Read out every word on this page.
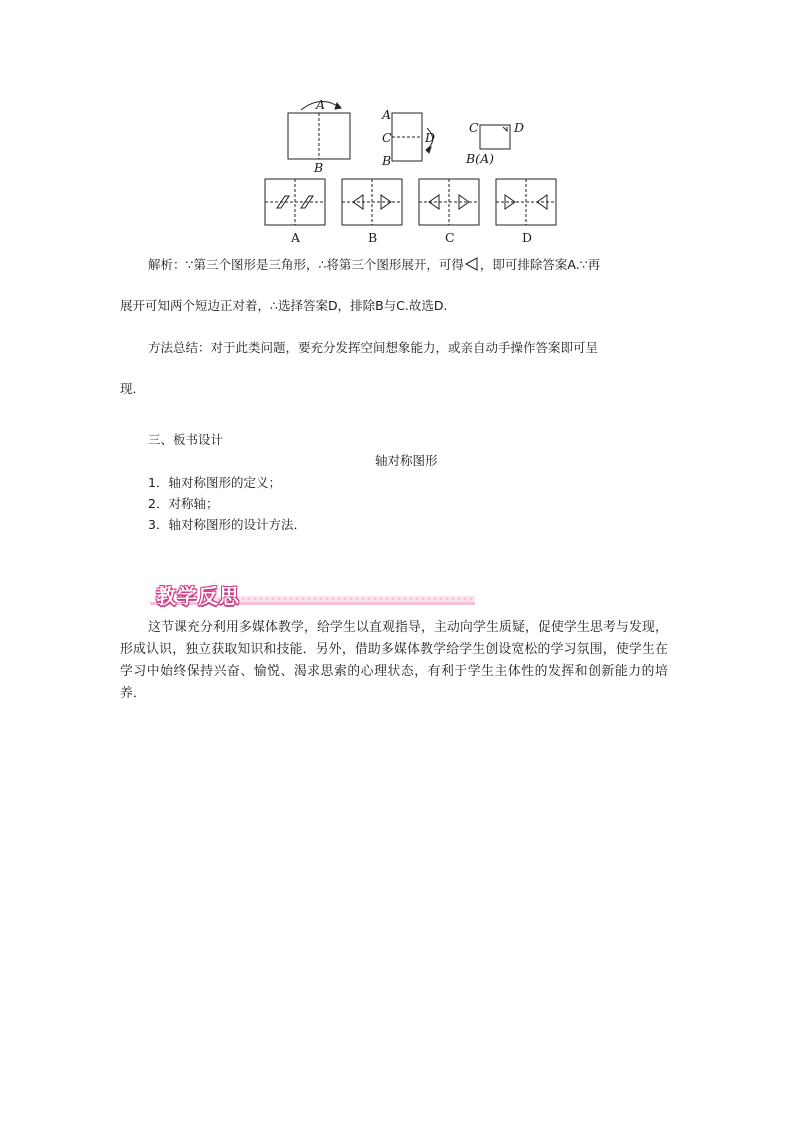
A
B
A
C
B
D
C	D
B(A)
A	B	C	D
解析：∵第三个图形是三角形，∴将第三个图形展开，可得 ，即可排除答案A.∵再
展开可知两个短边正对着，∴选择答案D，排除B与C.故选D.
方法总结：对于此类问题，要充分发挥空间想象能力，或亲自动手操作答案即可呈
现．
三、板书设计
轴对称图形
1．轴对称图形的定义；
2．对称轴；
3．轴对称图形的设计方法．
教学反思
这节课充分利用多媒体教学，给学生以直观指导，主动向学生质疑，促使学生思考与发现，形成认识，独立获取知识和技能．另外，借助多媒体教学给学生创设宽松的学习氛围，使学生在学习中始终保持兴奋、愉悦、渴求思索的心理状态，有利于学生主体性的发挥和创新能力的培养．
